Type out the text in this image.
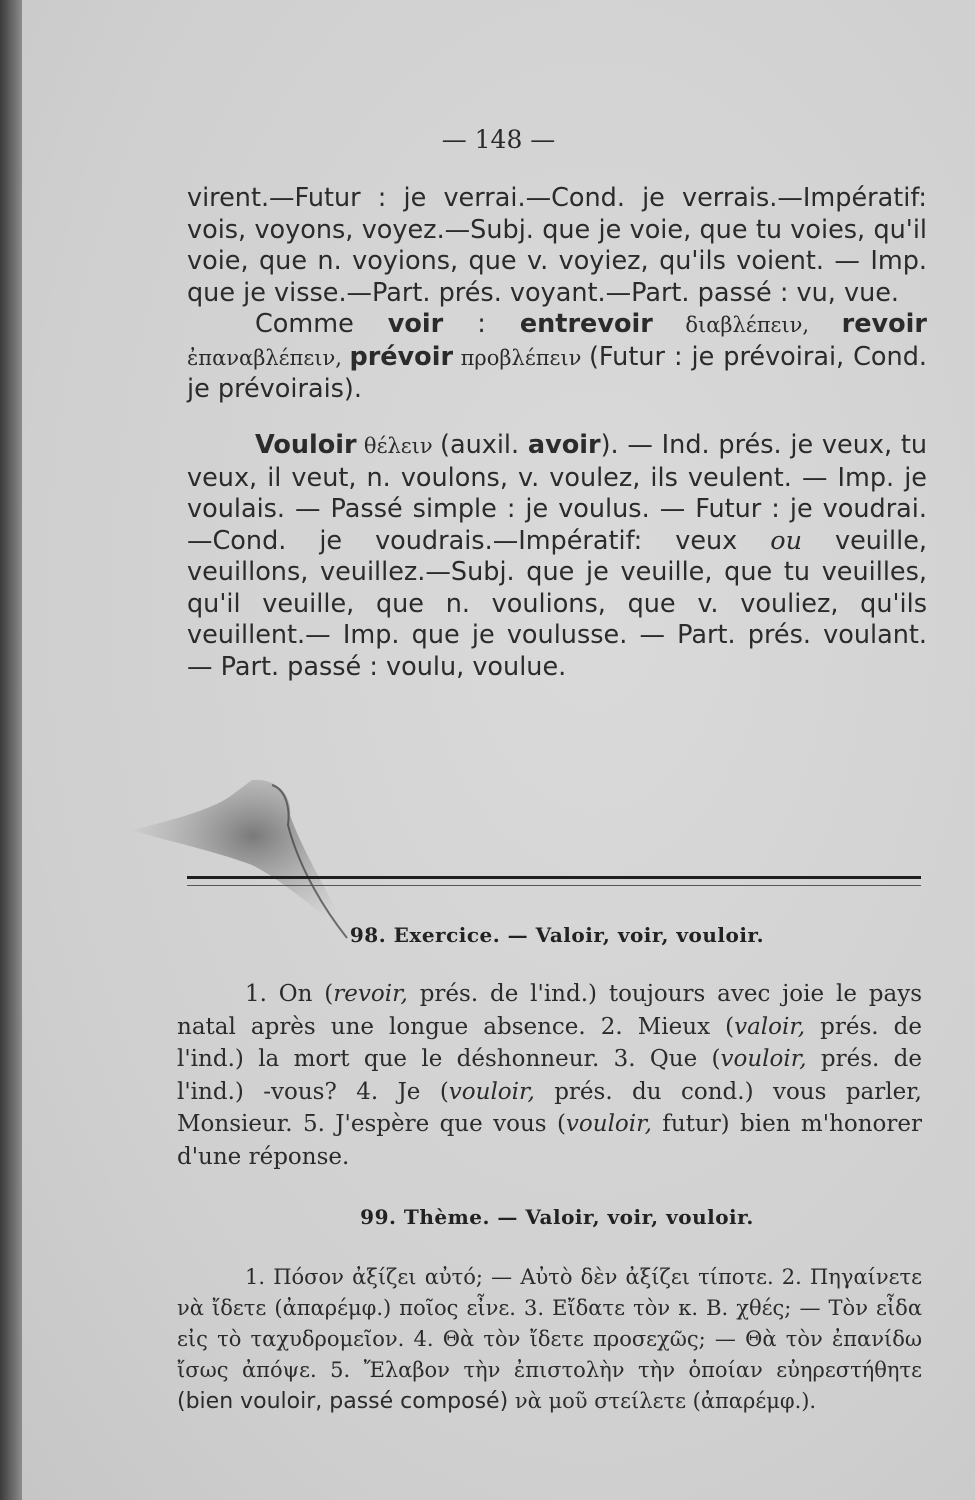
— 148 —

virent.—Futur : je verrai.—Cond. je verrais.—Impératif: vois, voyons, voyez.—Subj. que je voie, que tu voies, qu'il voie, que n. voyions, que v. voyiez, qu'ils voient. — Imp. que je visse.—Part. prés. voyant.—Part. passé : vu, vue.

Comme voir : entrevoir διαβλέπειν, revoir ἐπαναβλέπειν, prévoir προβλέπειν (Futur : je prévoirai, Cond. je prévoirais).

Vouloir θέλειν (auxil. avoir). — Ind. prés. je veux, tu veux, il veut, n. voulons, v. voulez, ils veulent. — Imp. je voulais. — Passé simple : je voulus. — Futur : je voudrai. —Cond. je voudrais.—Impératif: veux ou veuille, veuillons, veuillez.—Subj. que je veuille, que tu veuilles, qu'il veuille, que n. voulions, que v. vouliez, qu'ils veuillent.— Imp. que je voulusse. — Part. prés. voulant. — Part. passé : voulu, voulue.

98. Exercice. — Valoir, voir, vouloir.
1. On (revoir, prés. de l'ind.) toujours avec joie le pays natal après une longue absence. 2. Mieux (valoir, prés. de l'ind.) la mort que le déshonneur. 3. Que (vouloir, prés. de l'ind.) -vous? 4. Je (vouloir, prés. du cond.) vous parler, Monsieur. 5. J'espère que vous (vouloir, futur) bien m'honorer d'une réponse.
99. Thème. — Valoir, voir, vouloir.
1. Πόσον ἀξίζει αὐτό; — Αὐτὸ δὲν ἀξίζει τίποτε. 2. Πηγαίνετε νὰ ἴδετε (ἀπαρέμφ.) ποῖος εἶνε. 3. Εἴδατε τὸν κ. Β. χθές; — Τὸν εἶδα εἰς τὸ ταχυδρομεῖον. 4. Θὰ τὸν ἴδετε προσεχῶς; — Θὰ τὸν ἐπανίδω ἴσως ἀπόψε. 5. Ἔλαβον τὴν ἐπιστολὴν τὴν ὁποίαν εὐηρεστήθητε (bien vouloir, passé composé) νὰ μοῦ στείλετε (ἀπαρέμφ.).
